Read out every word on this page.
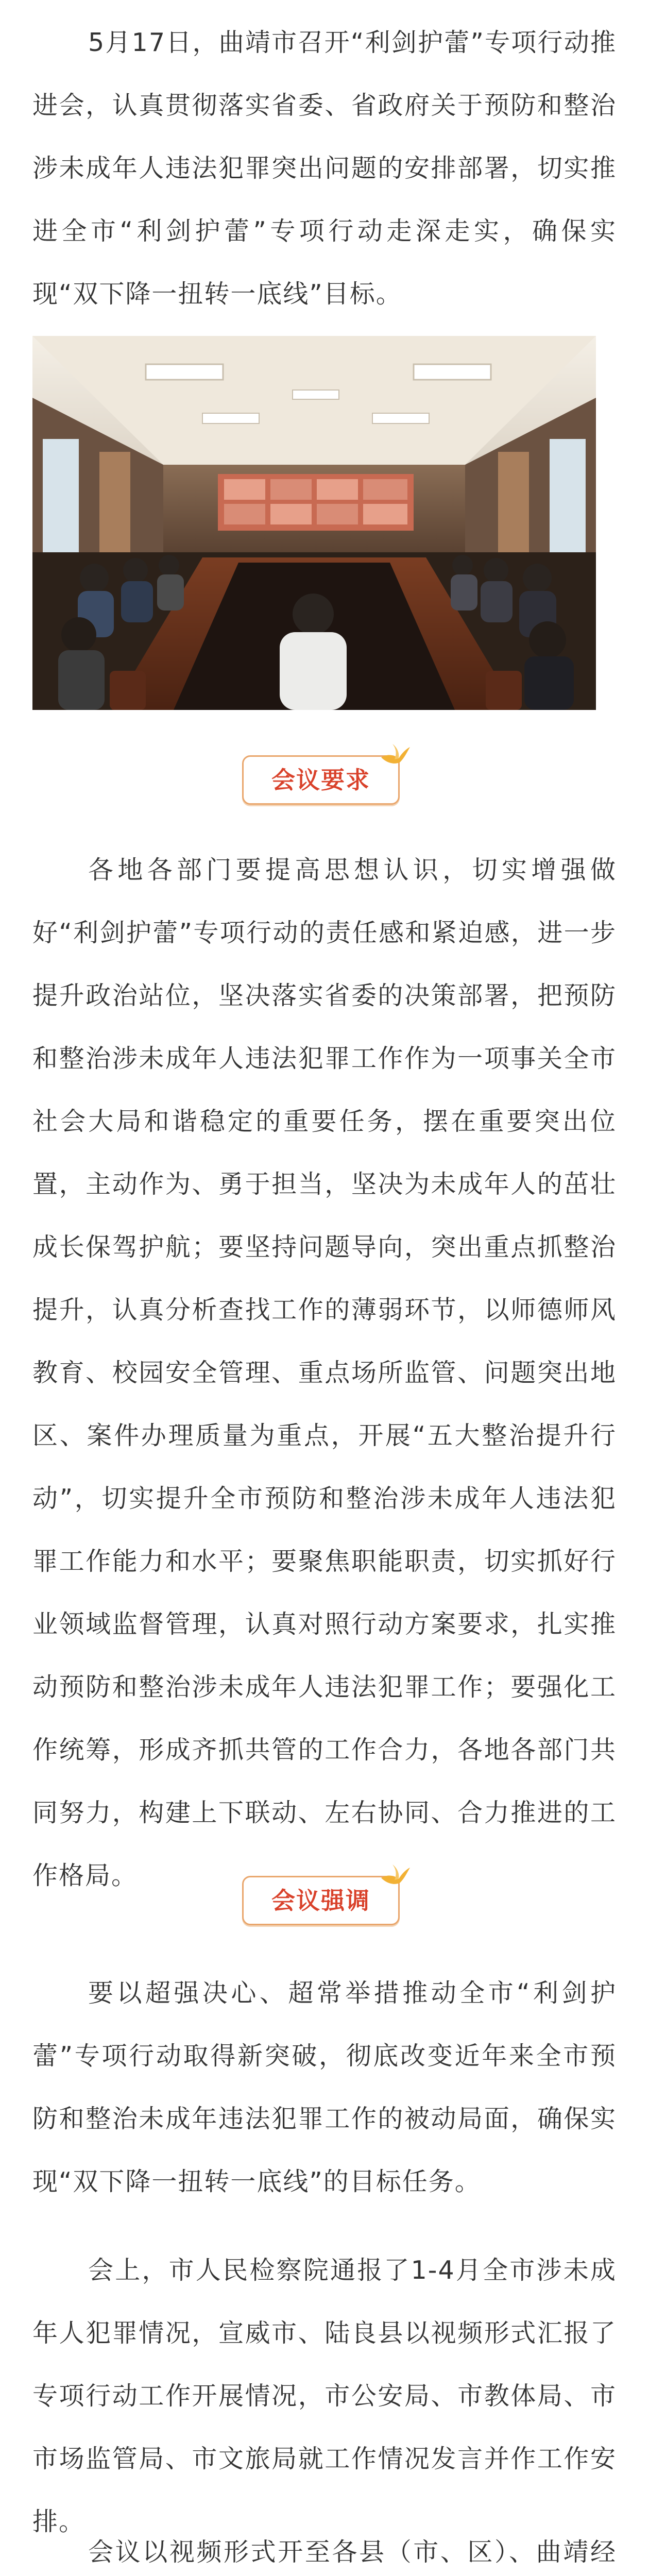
5月17日，曲靖市召开“利剑护蕾”专项行动推进会，认真贯彻落实省委、省政府关于预防和整治涉未成年人违法犯罪突出问题的安排部署，切实推进全市“利剑护蕾”专项行动走深走实，确保实现“双下降一扭转一底线”目标。

会议要求

各地各部门要提高思想认识，切实增强做好“利剑护蕾”专项行动的责任感和紧迫感，进一步提升政治站位，坚决落实省委的决策部署，把预防和整治涉未成年人违法犯罪工作作为一项事关全市社会大局和谐稳定的重要任务，摆在重要突出位置，主动作为、勇于担当，坚决为未成年人的茁壮成长保驾护航；要坚持问题导向，突出重点抓整治提升，认真分析查找工作的薄弱环节，以师德师风教育、校园安全管理、重点场所监管、问题突出地区、案件办理质量为重点，开展“五大整治提升行动”，切实提升全市预防和整治涉未成年人违法犯罪工作能力和水平；要聚焦职能职责，切实抓好行业领域监督管理，认真对照行动方案要求，扎实推动预防和整治涉未成年人违法犯罪工作；要强化工作统筹，形成齐抓共管的工作合力，各地各部门共同努力，构建上下联动、左右协同、合力推进的工作格局。

会议强调

要以超强决心、超常举措推动全市“利剑护蕾”专项行动取得新突破，彻底改变近年来全市预防和整治未成年违法犯罪工作的被动局面，确保实现“双下降一扭转一底线”的目标任务。

会上，市人民检察院通报了1-4月全市涉未成年人犯罪情况，宣威市、陆良县以视频形式汇报了专项行动工作开展情况，市公安局、市教体局、市市场监管局、市文旅局就工作情况发言并作工作安排。

会议以视频形式开至各县（市、区）、曲靖经
